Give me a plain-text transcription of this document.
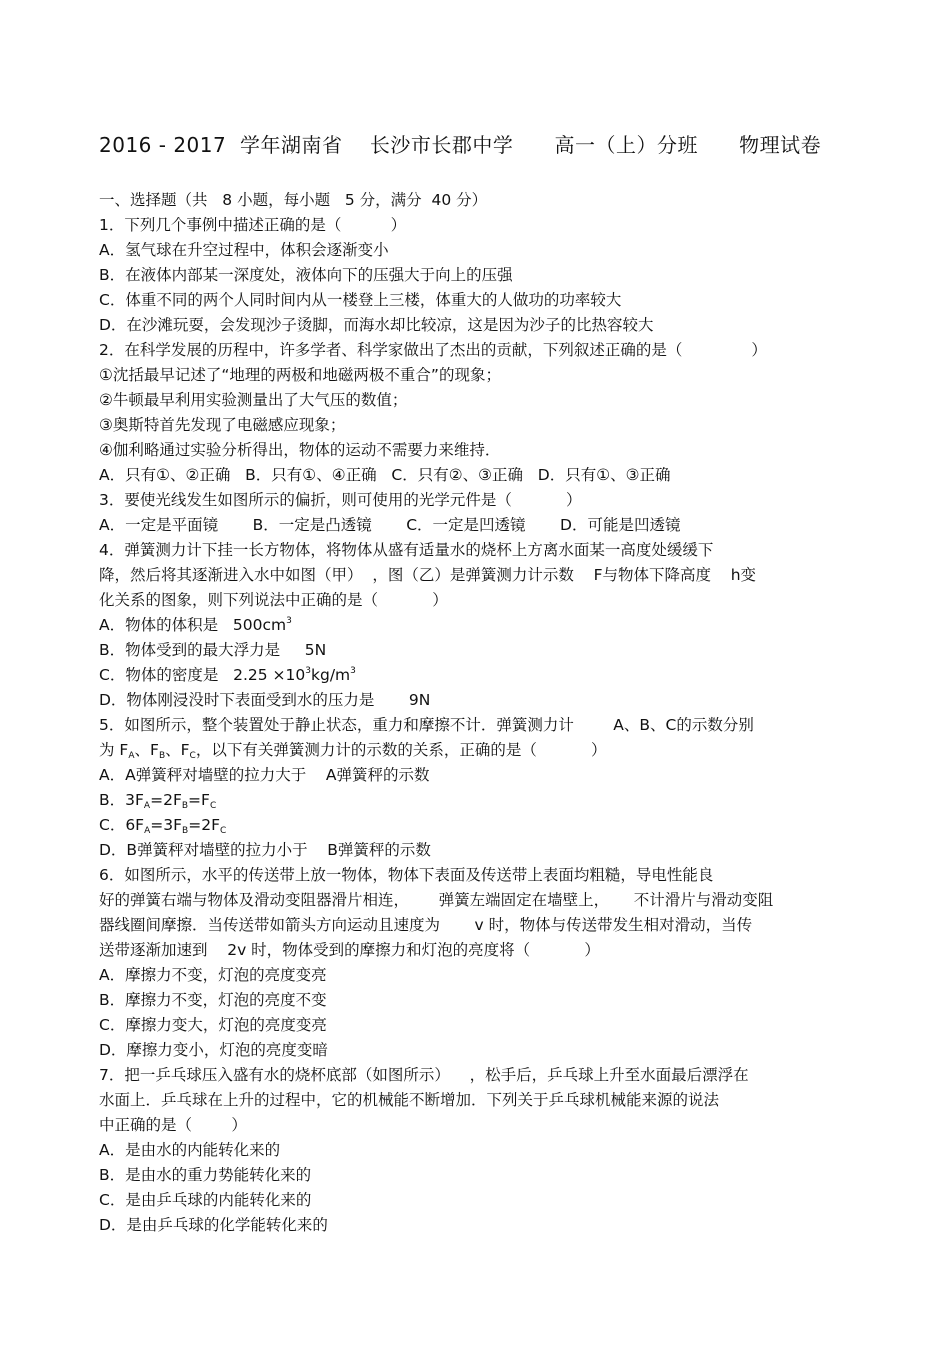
2016 - 2017  学年湖南省    长沙市长郡中学      高一（上）分班      物理试卷
一、选择题（共   8 小题，每小题   5 分，满分  40 分）
1．下列几个事例中描述正确的是（          ）
A．氢气球在升空过程中，体积会逐渐变小
B．在液体内部某一深度处，液体向下的压强大于向上的压强
C．体重不同的两个人同时间内从一楼登上三楼，体重大的人做功的功率较大
D．在沙滩玩耍，会发现沙子烫脚，而海水却比较凉，这是因为沙子的比热容较大
2．在科学发展的历程中，许多学者、科学家做出了杰出的贡献，下列叙述正确的是（              ）
①沈括最早记述了“地理的两极和地磁两极不重合”的现象；
②牛顿最早利用实验测量出了大气压的数值；
③奥斯特首先发现了电磁感应现象；
④伽利略通过实验分析得出，物体的运动不需要力来维持．
A．只有①、②正确   B．只有①、④正确   C．只有②、③正确   D．只有①、③正确
3．要使光线发生如图所示的偏折，则可使用的光学元件是（           ）
A．一定是平面镜       B．一定是凸透镜       C．一定是凹透镜       D．可能是凹透镜
4．弹簧测力计下挂一长方物体，将物体从盛有适量水的烧杯上方离水面某一高度处缓缓下
降，然后将其逐渐进入水中如图（甲）  ，图（乙）是弹簧测力计示数    F与物体下降高度    h变
化关系的图象，则下列说法中正确的是（           ）
A．物体的体积是   $500cm^3$
B．物体受到的最大浮力是     5N
C．物体的密度是   $2.25 \times 10^3kg/m^3$
D．物体刚浸没时下表面受到水的压力是       9N
5．如图所示，整个装置处于静止状态，重力和摩擦不计．弹簧测力计        A、B、C的示数分别
为 $F_A$、$F_B$、$F_C$，以下有关弹簧测力计的示数的关系，正确的是（           ）
A．A弹簧秤对墙壁的拉力大于    A弹簧秤的示数
B．$3F_A=2F_B=F_C$
C．$6F_A=3F_B=2F_C$
D．B弹簧秤对墙壁的拉力小于    B弹簧秤的示数
6．如图所示，水平的传送带上放一物体，物体下表面及传送带上表面均粗糙，导电性能良
好的弹簧右端与物体及滑动变阻器滑片相连，      弹簧左端固定在墙壁上，     不计滑片与滑动变阻
器线圈间摩擦．当传送带如箭头方向运动且速度为       v 时，物体与传送带发生相对滑动，当传
送带逐渐加速到    2v 时，物体受到的摩擦力和灯泡的亮度将（           ）
A．摩擦力不变，灯泡的亮度变亮
B．摩擦力不变，灯泡的亮度不变
C．摩擦力变大，灯泡的亮度变亮
D．摩擦力变小，灯泡的亮度变暗
7．把一乒乓球压入盛有水的烧杯底部（如图所示）    ，松手后，乒乓球上升至水面最后漂浮在
水面上．乒乓球在上升的过程中，它的机械能不断增加．下列关于乒乓球机械能来源的说法
中正确的是（        ）
A．是由水的内能转化来的
B．是由水的重力势能转化来的
C．是由乒乓球的内能转化来的
D．是由乒乓球的化学能转化来的
